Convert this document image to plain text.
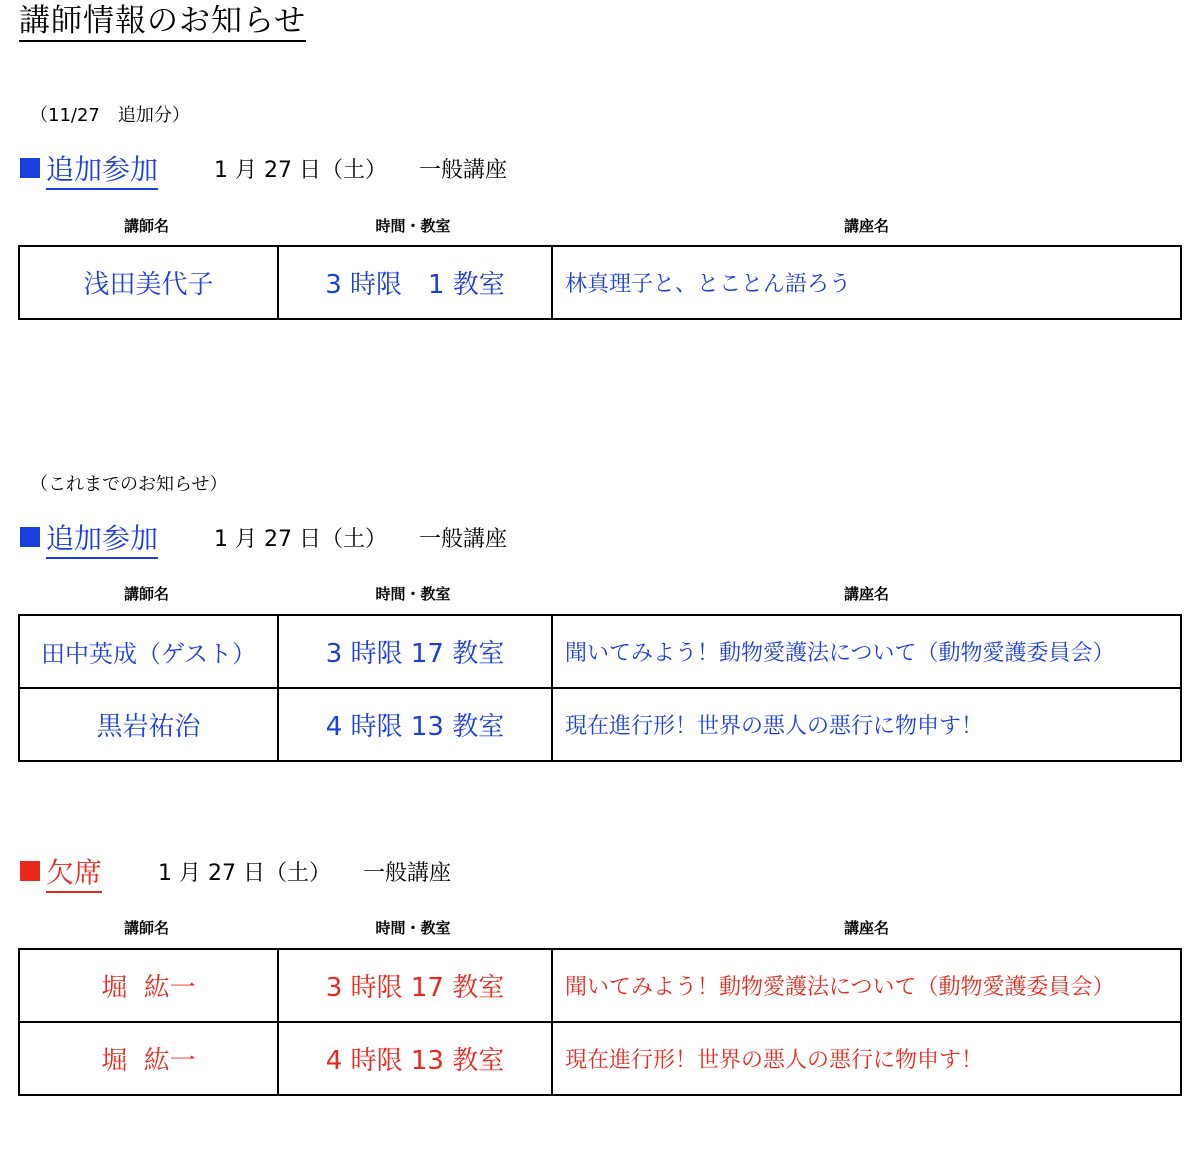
講師情報のお知らせ
（11/27　追加分）
追加参加	1 月 27 日（土） 一般講座
講師名	時間・教室	講座名
浅田美代子	3 時限　1 教室	林真理子と、とことん語ろう
（これまでのお知らせ）
追加参加	1 月 27 日（土） 一般講座
講師名	時間・教室	講座名
田中英成（ゲスト）	3 時限 17 教室	聞いてみよう！動物愛護法について（動物愛護委員会）
黒岩祐治	4 時限 13 教室	現在進行形！世界の悪人の悪行に物申す！
欠席	1 月 27 日（土） 一般講座
講師名	時間・教室	講座名
堀  紘一	3 時限 17 教室	聞いてみよう！動物愛護法について（動物愛護委員会）
堀  紘一	4 時限 13 教室	現在進行形！世界の悪人の悪行に物申す！
